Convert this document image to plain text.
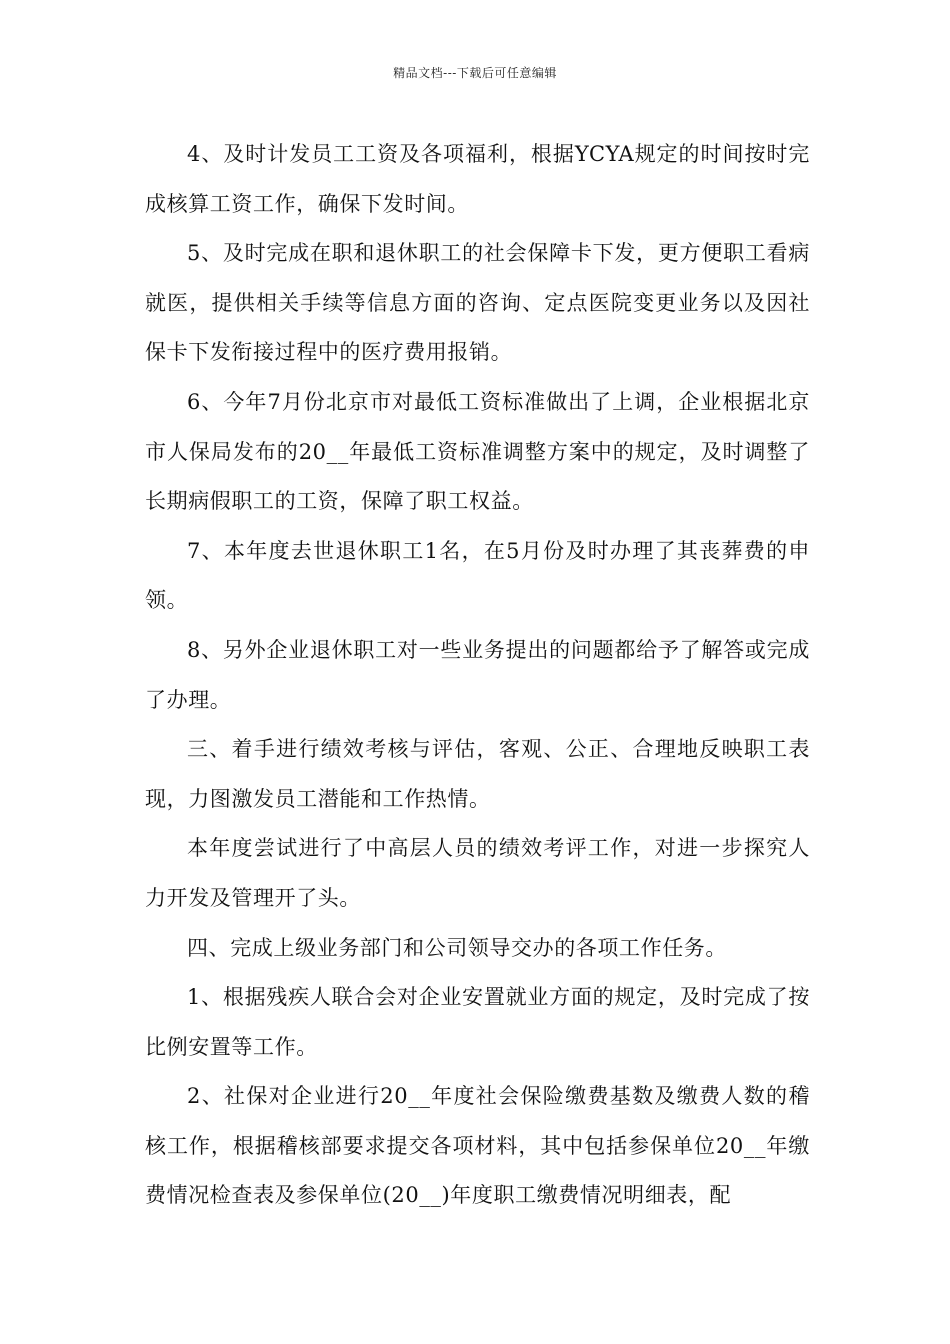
精品文档---下载后可任意编辑

4、及时计发员工工资及各项福利，根据YCYA规定的时间按时完成核算工资工作，确保下发时间。

5、及时完成在职和退休职工的社会保障卡下发，更方便职工看病就医，提供相关手续等信息方面的咨询、定点医院变更业务以及因社保卡下发衔接过程中的医疗费用报销。

6、今年7月份北京市对最低工资标准做出了上调，企业根据北京市人保局发布的20__年最低工资标准调整方案中的规定，及时调整了长期病假职工的工资，保障了职工权益。

7、本年度去世退休职工1名，在5月份及时办理了其丧葬费的申领。

8、另外企业退休职工对一些业务提出的问题都给予了解答或完成了办理。

三、着手进行绩效考核与评估，客观、公正、合理地反映职工表现，力图激发员工潜能和工作热情。

本年度尝试进行了中高层人员的绩效考评工作，对进一步探究人力开发及管理开了头。

四、完成上级业务部门和公司领导交办的各项工作任务。

1、根据残疾人联合会对企业安置就业方面的规定，及时完成了按比例安置等工作。

2、社保对企业进行20__年度社会保险缴费基数及缴费人数的稽核工作，根据稽核部要求提交各项材料，其中包括参保单位20__年缴费情况检查表及参保单位(20__)年度职工缴费情况明细表，配
